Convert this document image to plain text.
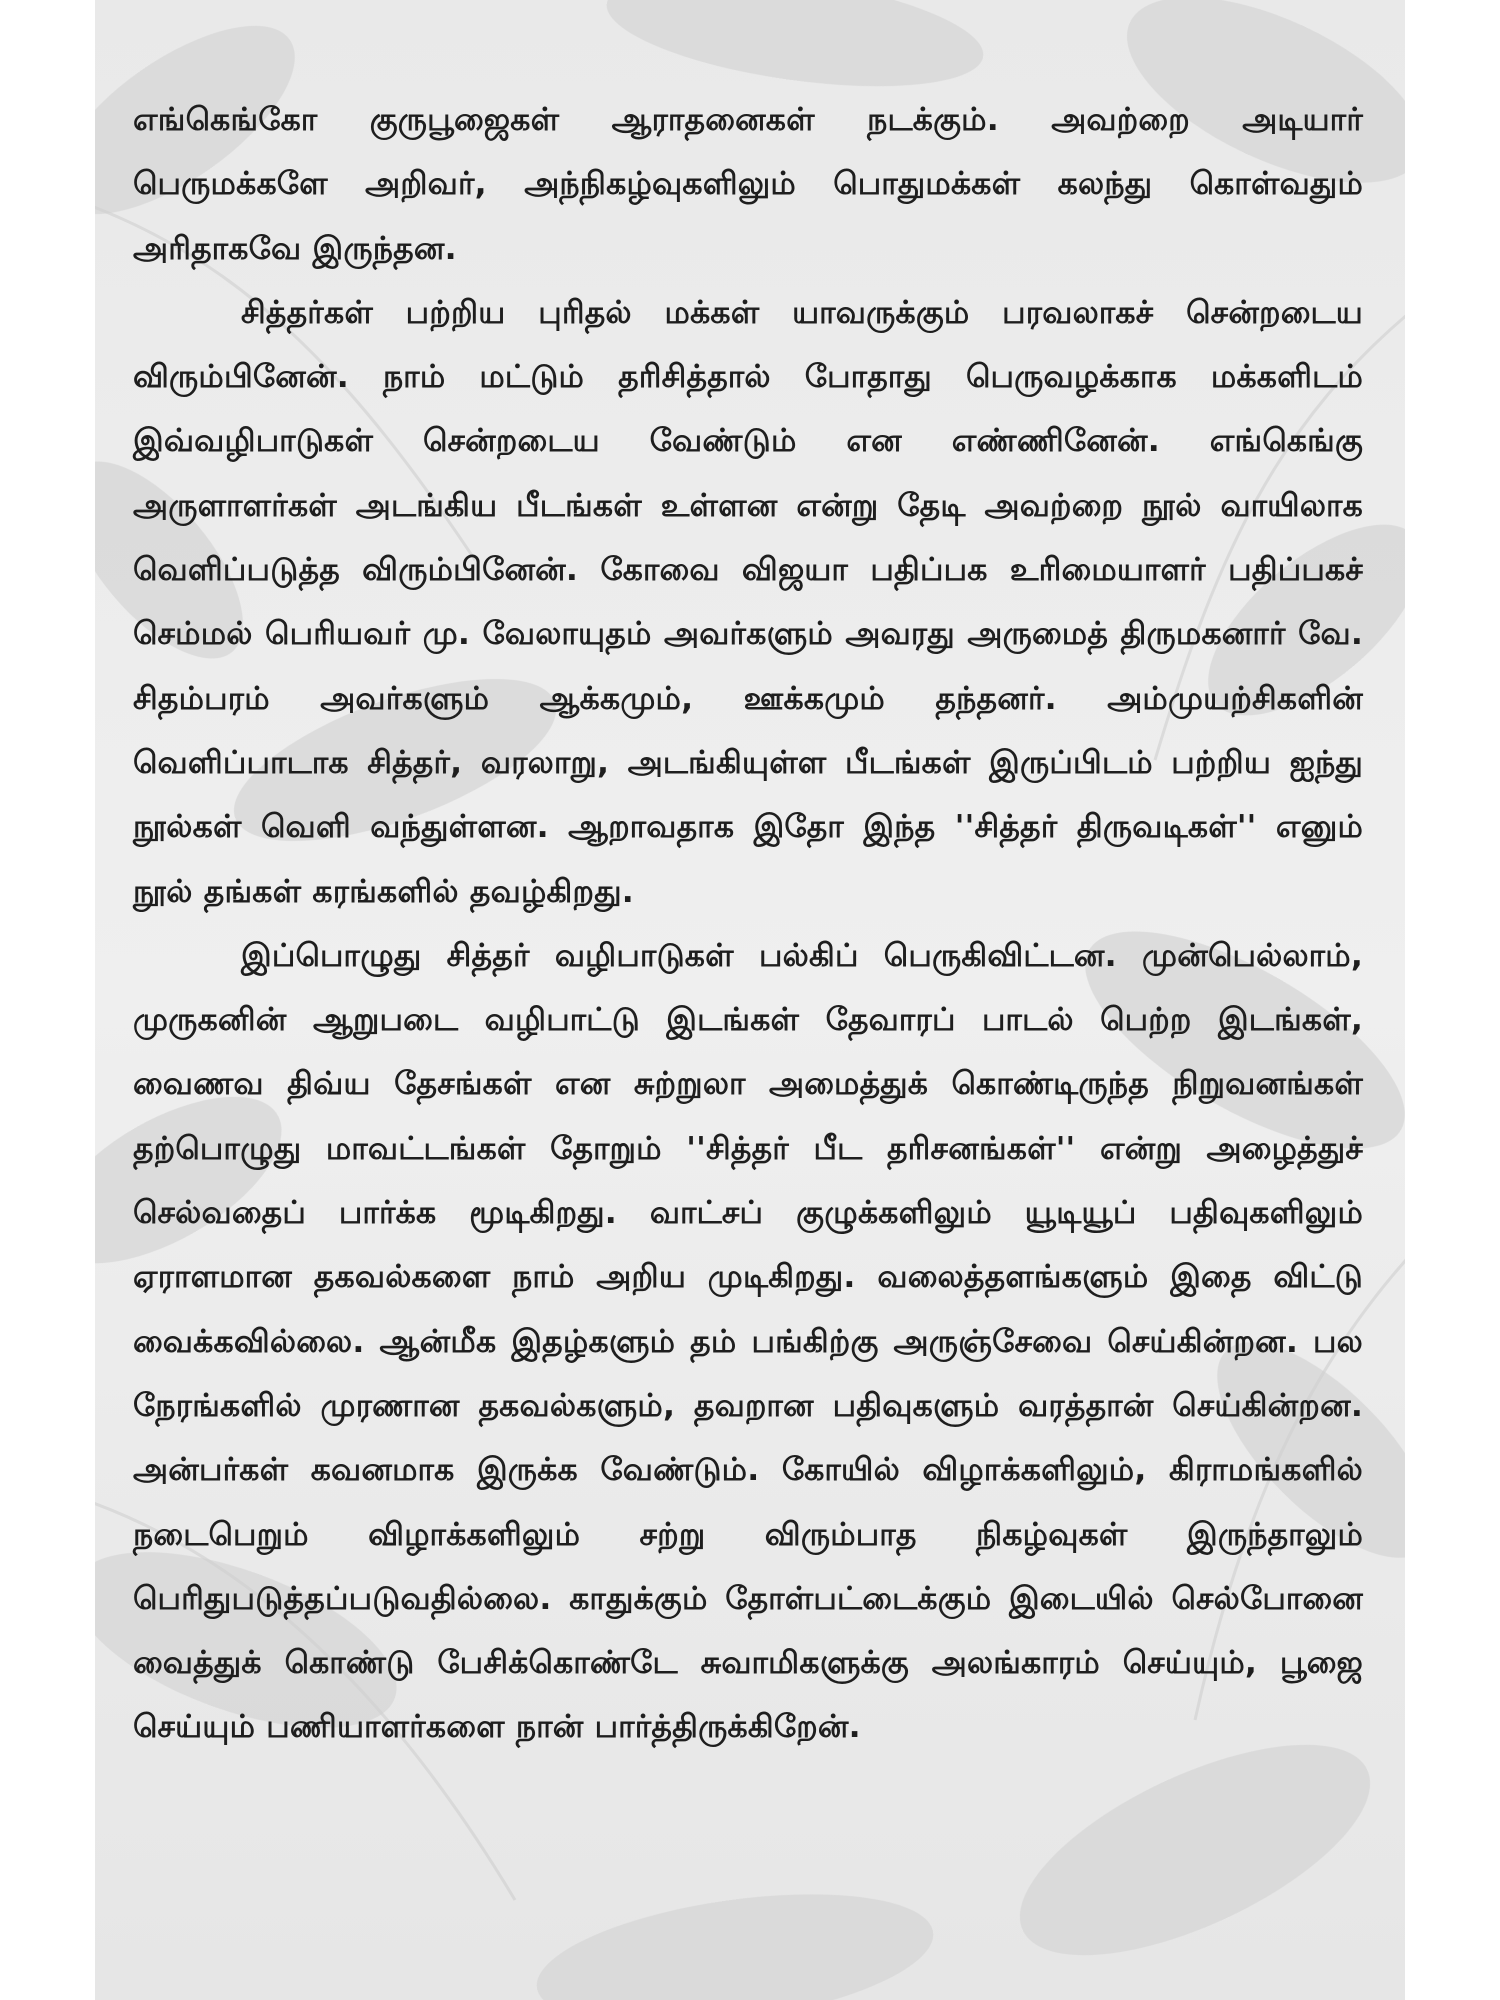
எங்கெங்கோ குருபூஜைகள் ஆராதனைகள் நடக்கும். அவற்றை அடியார் பெருமக்களே அறிவர், அந்நிகழ்வுகளிலும் பொதுமக்கள் கலந்து கொள்வதும் அரிதாகவே இருந்தன.

சித்தர்கள் பற்றிய புரிதல் மக்கள் யாவருக்கும் பரவலாகச் சென்றடைய விரும்பினேன். நாம் மட்டும் தரிசித்தால் போதாது பெருவழக்காக மக்களிடம் இவ்வழிபாடுகள் சென்றடைய வேண்டும் என எண்ணினேன். எங்கெங்கு அருளாளர்கள் அடங்கிய பீடங்கள் உள்ளன என்று தேடி அவற்றை நூல் வாயிலாக வெளிப்படுத்த விரும்பினேன். கோவை விஜயா பதிப்பக உரிமையாளர் பதிப்பகச் செம்மல் பெரியவர் மு. வேலாயுதம் அவர்களும் அவரது அருமைத் திருமகனார் வே. சிதம்பரம் அவர்களும் ஆக்கமும், ஊக்கமும் தந்தனர். அம்முயற்சிகளின் வெளிப்பாடாக சித்தர், வரலாறு, அடங்கியுள்ள பீடங்கள் இருப்பிடம் பற்றிய ஐந்து நூல்கள் வெளி வந்துள்ளன. ஆறாவதாக இதோ இந்த ''சித்தர் திருவடிகள்'' எனும் நூல் தங்கள் கரங்களில் தவழ்கிறது.

இப்பொழுது சித்தர் வழிபாடுகள் பல்கிப் பெருகிவிட்டன. முன்பெல்லாம், முருகனின் ஆறுபடை வழிபாட்டு இடங்கள் தேவாரப் பாடல் பெற்ற இடங்கள், வைணவ திவ்ய தேசங்கள் என சுற்றுலா அமைத்துக் கொண்டிருந்த நிறுவனங்கள் தற்பொழுது மாவட்டங்கள் தோறும் ''சித்தர் பீட தரிசனங்கள்'' என்று அழைத்துச் செல்வதைப் பார்க்க மூடிகிறது. வாட்சப் குழுக்களிலும் யூடியூப் பதிவுகளிலும் ஏராளமான தகவல்களை நாம் அறிய முடிகிறது. வலைத்தளங்களும் இதை விட்டு வைக்கவில்லை. ஆன்மீக இதழ்களும் தம் பங்கிற்கு அருஞ்சேவை செய்கின்றன. பல நேரங்களில் முரணான தகவல்களும், தவறான பதிவுகளும் வரத்தான் செய்கின்றன. அன்பர்கள் கவனமாக இருக்க வேண்டும். கோயில் விழாக்களிலும், கிராமங்களில் நடைபெறும் விழாக்களிலும் சற்று விரும்பாத நிகழ்வுகள் இருந்தாலும் பெரிதுபடுத்தப்படுவதில்லை. காதுக்கும் தோள்பட்டைக்கும் இடையில் செல்போனை வைத்துக் கொண்டு பேசிக்கொண்டே சுவாமிகளுக்கு அலங்காரம் செய்யும், பூஜை செய்யும் பணியாளர்களை நான் பார்த்திருக்கிறேன்.
